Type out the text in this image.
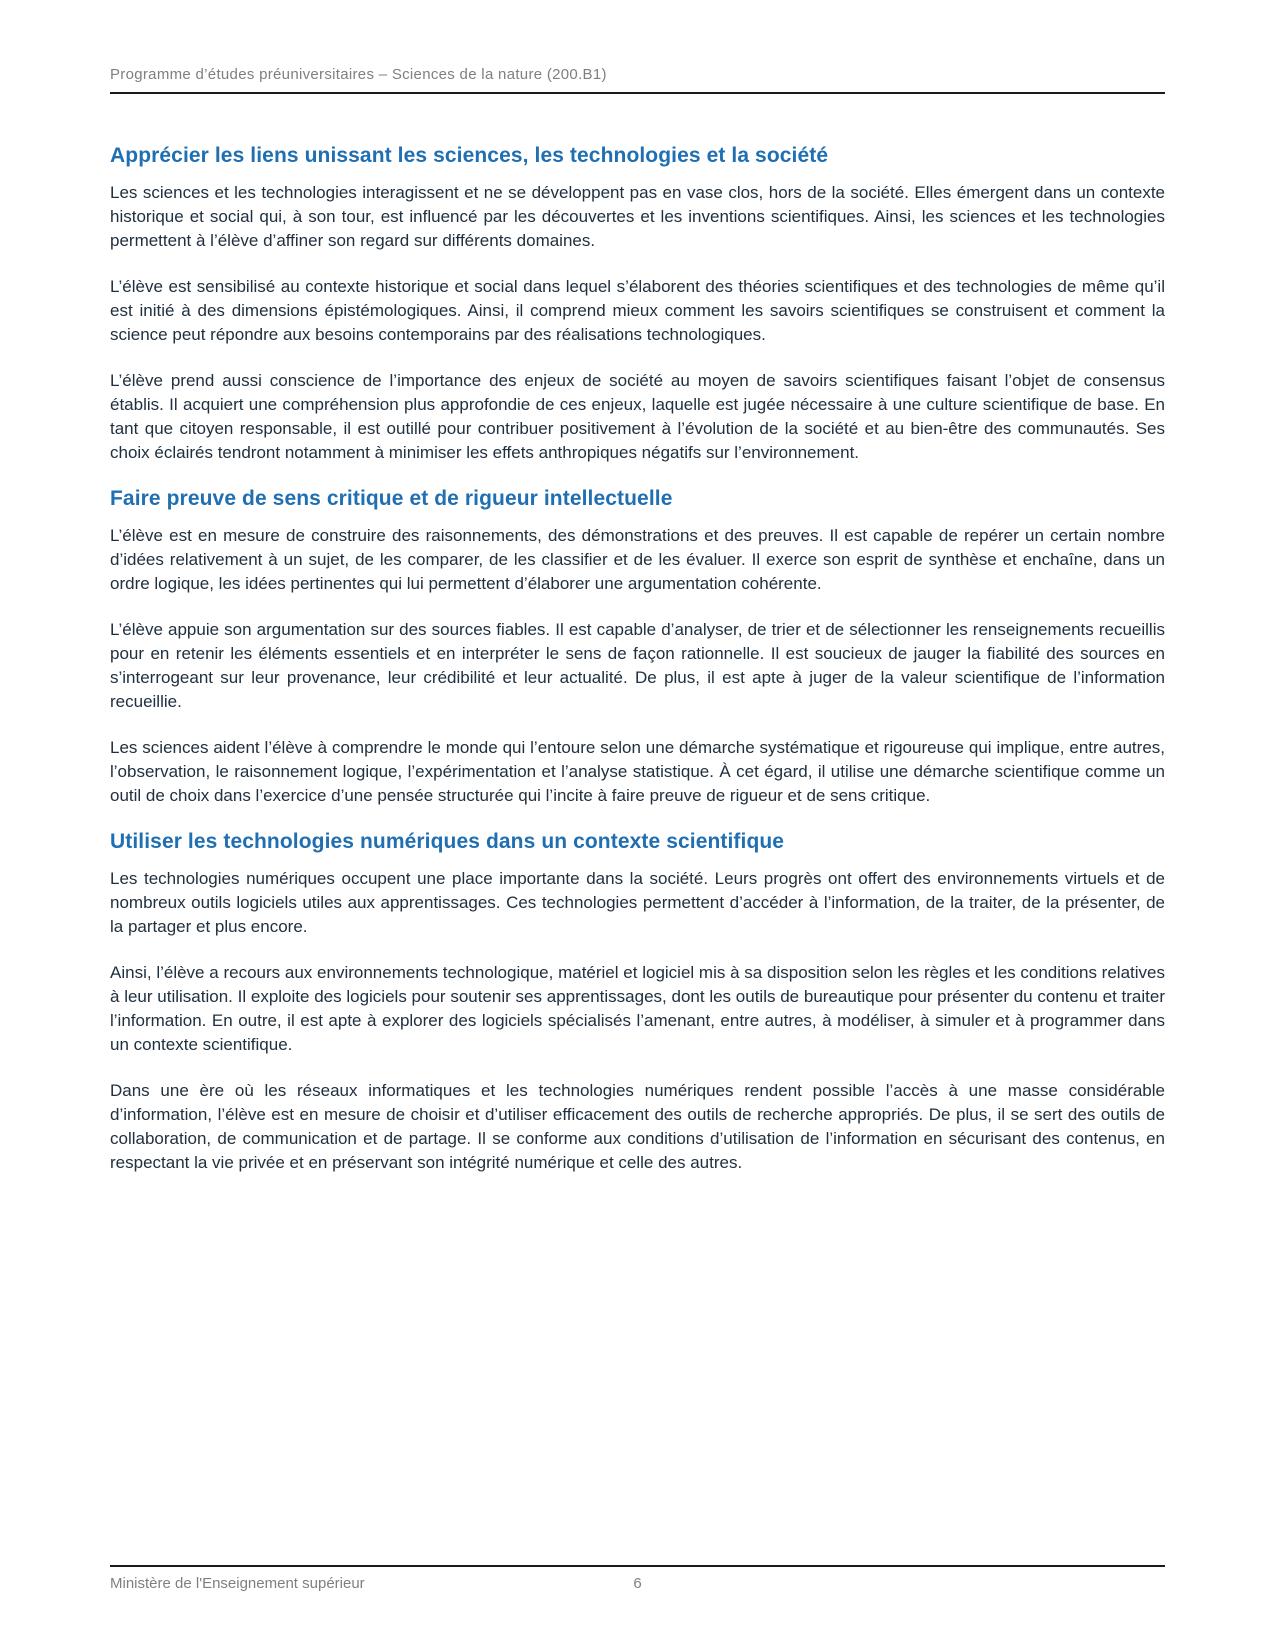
Programme d’études préuniversitaires – Sciences de la nature (200.B1)
Apprécier les liens unissant les sciences, les technologies et la société

Les sciences et les technologies interagissent et ne se développent pas en vase clos, hors de la société. Elles émergent dans un contexte historique et social qui, à son tour, est influencé par les découvertes et les inventions scientifiques. Ainsi, les sciences et les technologies permettent à l’élève d’affiner son regard sur différents domaines.

L’élève est sensibilisé au contexte historique et social dans lequel s’élaborent des théories scientifiques et des technologies de même qu’il est initié à des dimensions épistémologiques. Ainsi, il comprend mieux comment les savoirs scientifiques se construisent et comment la science peut répondre aux besoins contemporains par des réalisations technologiques.

L’élève prend aussi conscience de l’importance des enjeux de société au moyen de savoirs scientifiques faisant l’objet de consensus établis. Il acquiert une compréhension plus approfondie de ces enjeux, laquelle est jugée nécessaire à une culture scientifique de base. En tant que citoyen responsable, il est outillé pour contribuer positivement à l’évolution de la société et au bien-être des communautés. Ses choix éclairés tendront notamment à minimiser les effets anthropiques négatifs sur l’environnement.

Faire preuve de sens critique et de rigueur intellectuelle

L’élève est en mesure de construire des raisonnements, des démonstrations et des preuves. Il est capable de repérer un certain nombre d’idées relativement à un sujet, de les comparer, de les classifier et de les évaluer. Il exerce son esprit de synthèse et enchaîne, dans un ordre logique, les idées pertinentes qui lui permettent d’élaborer une argumentation cohérente.

L’élève appuie son argumentation sur des sources fiables. Il est capable d’analyser, de trier et de sélectionner les renseignements recueillis pour en retenir les éléments essentiels et en interpréter le sens de façon rationnelle. Il est soucieux de jauger la fiabilité des sources en s’interrogeant sur leur provenance, leur crédibilité et leur actualité. De plus, il est apte à juger de la valeur scientifique de l’information recueillie.

Les sciences aident l’élève à comprendre le monde qui l’entoure selon une démarche systématique et rigoureuse qui implique, entre autres, l’observation, le raisonnement logique, l’expérimentation et l’analyse statistique. À cet égard, il utilise une démarche scientifique comme un outil de choix dans l’exercice d’une pensée structurée qui l’incite à faire preuve de rigueur et de sens critique.

Utiliser les technologies numériques dans un contexte scientifique

Les technologies numériques occupent une place importante dans la société. Leurs progrès ont offert des environnements virtuels et de nombreux outils logiciels utiles aux apprentissages. Ces technologies permettent d’accéder à l’information, de la traiter, de la présenter, de la partager et plus encore.

Ainsi, l’élève a recours aux environnements technologique, matériel et logiciel mis à sa disposition selon les règles et les conditions relatives à leur utilisation. Il exploite des logiciels pour soutenir ses apprentissages, dont les outils de bureautique pour présenter du contenu et traiter l’information. En outre, il est apte à explorer des logiciels spécialisés l’amenant, entre autres, à modéliser, à simuler et à programmer dans un contexte scientifique.

Dans une ère où les réseaux informatiques et les technologies numériques rendent possible l’accès à une masse considérable d’information, l’élève est en mesure de choisir et d’utiliser efficacement des outils de recherche appropriés. De plus, il se sert des outils de collaboration, de communication et de partage. Il se conforme aux conditions d’utilisation de l’information en sécurisant des contenus, en respectant la vie privée et en préservant son intégrité numérique et celle des autres.

Ministère de l'Enseignement supérieur	6
